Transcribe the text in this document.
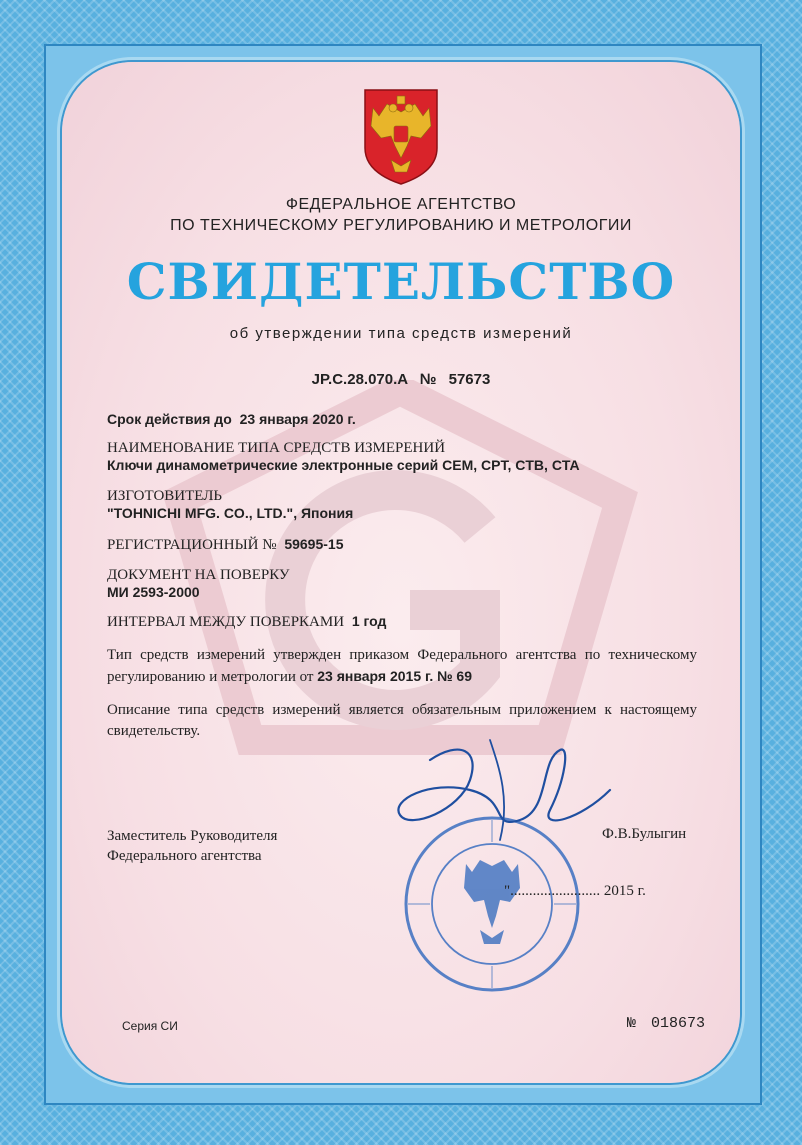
ФЕДЕРАЛЬНОЕ АГЕНТСТВО
ПО ТЕХНИЧЕСКОМУ РЕГУЛИРОВАНИЮ И МЕТРОЛОГИИ
СВИДЕТЕЛЬСТВО
об утверждении типа средств измерений
JP.C.28.070.A № 57673
Срок действия до 23 января 2020 г.
НАИМЕНОВАНИЕ ТИПА СРЕДСТВ ИЗМЕРЕНИЙ
Ключи динамометрические электронные серий CEM, CPT, CTB, CTA
ИЗГОТОВИТЕЛЬ
"TOHNICHI MFG. CO., LTD.", Япония
РЕГИСТРАЦИОННЫЙ № 59695-15
ДОКУМЕНТ НА ПОВЕРКУ
МИ 2593-2000
ИНТЕРВАЛ МЕЖДУ ПОВЕРКАМИ 1 год
Тип средств измерений утвержден приказом Федерального агентства по техническому регулированию и метрологии от 23 января 2015 г. № 69
Описание типа средств измерений является обязательным приложением к настоящему свидетельству.
Заместитель Руководителя
Федерального агентства
Ф.В.Булыгин
"........................ 2015 г.
Серия СИ	№ 018673
